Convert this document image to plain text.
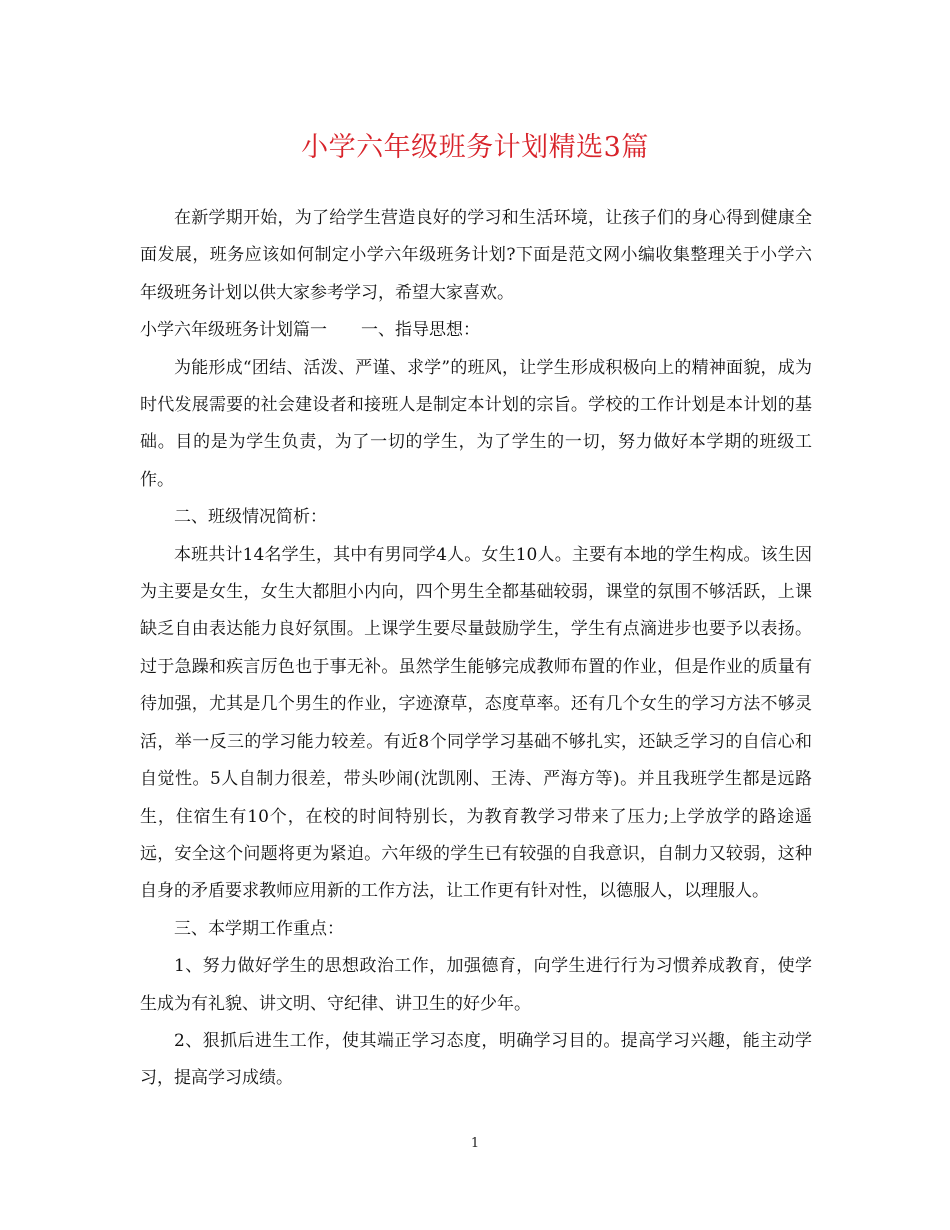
小学六年级班务计划精选3篇

在新学期开始，为了给学生营造良好的学习和生活环境，让孩子们的身心得到健康全面发展，班务应该如何制定小学六年级班务计划?下面是范文网小编收集整理关于小学六年级班务计划以供大家参考学习，希望大家喜欢。

小学六年级班务计划篇一　　一、指导思想：

为能形成“团结、活泼、严谨、求学”的班风，让学生形成积极向上的精神面貌，成为时代发展需要的社会建设者和接班人是制定本计划的宗旨。学校的工作计划是本计划的基础。目的是为学生负责，为了一切的学生，为了学生的一切，努力做好本学期的班级工作。

二、班级情况简析：

本班共计14名学生，其中有男同学4人。女生10人。主要有本地的学生构成。该生因为主要是女生，女生大都胆小内向，四个男生全都基础较弱，课堂的氛围不够活跃，上课缺乏自由表达能力良好氛围。上课学生要尽量鼓励学生，学生有点滴进步也要予以表扬。过于急躁和疾言厉色也于事无补。虽然学生能够完成教师布置的作业，但是作业的质量有待加强，尤其是几个男生的作业，字迹潦草，态度草率。还有几个女生的学习方法不够灵活，举一反三的学习能力较差。有近8个同学学习基础不够扎实，还缺乏学习的自信心和自觉性。5人自制力很差，带头吵闹(沈凯刚、王涛、严海方等)。并且我班学生都是远路生，住宿生有10个，在校的时间特别长，为教育教学习带来了压力;上学放学的路途遥远，安全这个问题将更为紧迫。六年级的学生已有较强的自我意识，自制力又较弱，这种自身的矛盾要求教师应用新的工作方法，让工作更有针对性，以德服人，以理服人。

三、本学期工作重点：

1、努力做好学生的思想政治工作，加强德育，向学生进行行为习惯养成教育，使学生成为有礼貌、讲文明、守纪律、讲卫生的好少年。

2、狠抓后进生工作，使其端正学习态度，明确学习目的。提高学习兴趣，能主动学习，提高学习成绩。

1
